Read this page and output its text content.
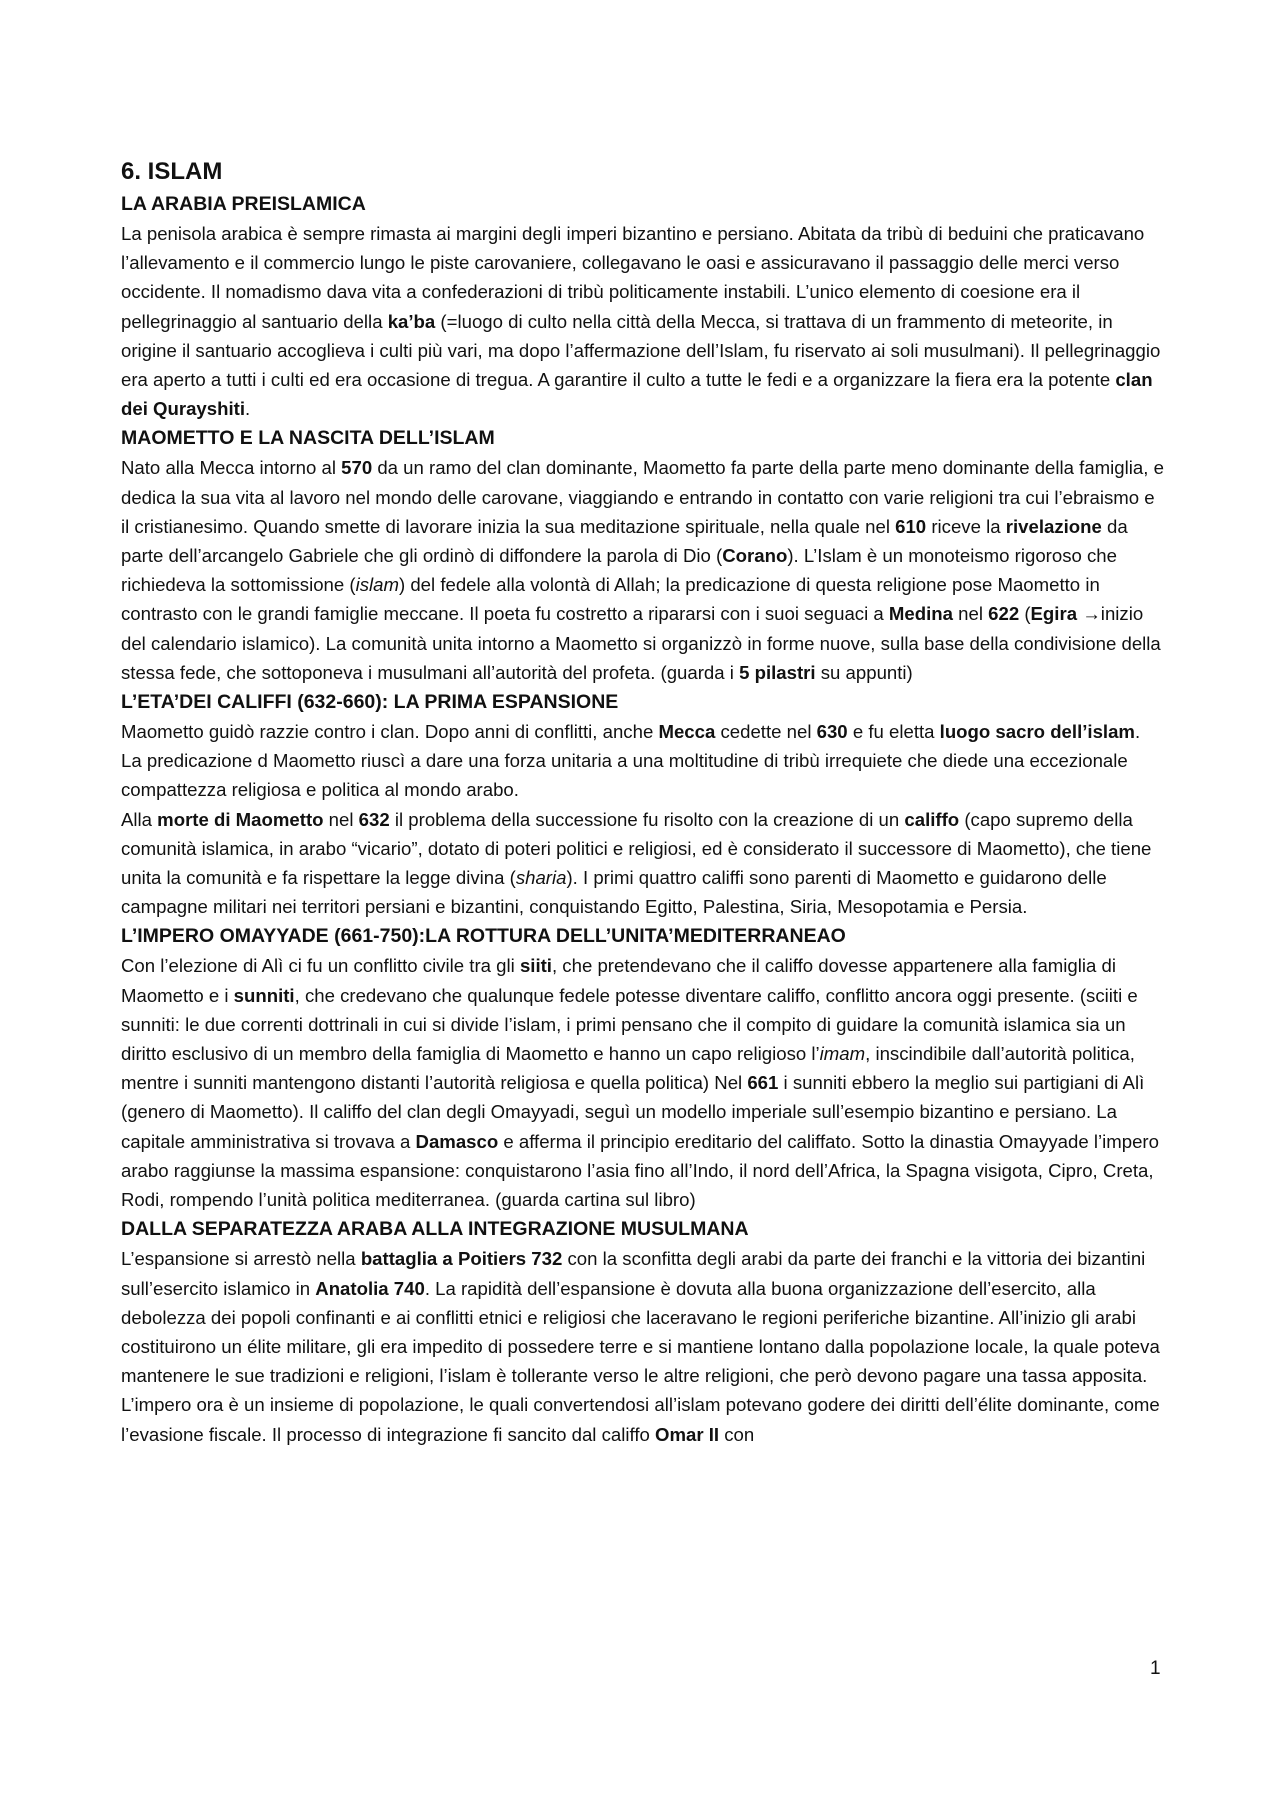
6. ISLAM
LA ARABIA PREISLAMICA

La penisola arabica è sempre rimasta ai margini degli imperi bizantino e persiano. Abitata da tribù di beduini che praticavano l’allevamento e il commercio lungo le piste carovaniere, collegavano le oasi e assicuravano il passaggio delle merci verso occidente. Il nomadismo dava vita a confederazioni di tribù politicamente instabili. L’unico elemento di coesione era il pellegrinaggio al santuario della ka’ba (=luogo di culto nella città della Mecca, si trattava di un frammento di meteorite, in origine il santuario accoglieva i culti più vari, ma dopo l’affermazione dell’Islam, fu riservato ai soli musulmani). Il pellegrinaggio era aperto a tutti i culti ed era occasione di tregua. A garantire il culto a tutte le fedi e a organizzare la fiera era la potente clan dei Qurayshiti.

MAOMETTO E LA NASCITA DELL’ISLAM

Nato alla Mecca intorno al 570 da un ramo del clan dominante, Maometto fa parte della parte meno dominante della famiglia, e dedica la sua vita al lavoro nel mondo delle carovane, viaggiando e entrando in contatto con varie religioni tra cui l’ebraismo e il cristianesimo. Quando smette di lavorare inizia la sua meditazione spirituale, nella quale nel 610 riceve la rivelazione da parte dell’arcangelo Gabriele che gli ordinò di diffondere la parola di Dio (Corano). L’Islam è un monoteismo rigoroso che richiedeva la sottomissione (islam) del fedele alla volontà di Allah; la predicazione di questa religione pose Maometto in contrasto con le grandi famiglie meccane. Il poeta fu costretto a ripararsi con i suoi seguaci a Medina nel 622 (Egira →inizio del calendario islamico). La comunità unita intorno a Maometto si organizzò in forme nuove, sulla base della condivisione della stessa fede, che sottoponeva i musulmani all’autorità del profeta. (guarda i 5 pilastri su appunti)

L’ETA’DEI CALIFFI (632-660): LA PRIMA ESPANSIONE

Maometto guidò razzie contro i clan. Dopo anni di conflitti, anche Mecca cedette nel 630 e fu eletta luogo sacro dell’islam. La predicazione d Maometto riuscì a dare una forza unitaria a una moltitudine di tribù irrequiete che diede una eccezionale compattezza religiosa e politica al mondo arabo.

Alla morte di Maometto nel 632 il problema della successione fu risolto con la creazione di un califfo (capo supremo della comunità islamica, in arabo “vicario”, dotato di poteri politici e religiosi, ed è considerato il successore di Maometto), che tiene unita la comunità e fa rispettare la legge divina (sharia). I primi quattro califfi sono parenti di Maometto e guidarono delle campagne militari nei territori persiani e bizantini, conquistando Egitto, Palestina, Siria, Mesopotamia e Persia.

L’IMPERO OMAYYADE (661-750):LA ROTTURA DELL’UNITA’MEDITERRANEAO

Con l’elezione di Alì ci fu un conflitto civile tra gli siiti, che pretendevano che il califfo dovesse appartenere alla famiglia di Maometto e i sunniti, che credevano che qualunque fedele potesse diventare califfo, conflitto ancora oggi presente. (sciiti e sunniti: le due correnti dottrinali in cui si divide l’islam, i primi pensano che il compito di guidare la comunità islamica sia un diritto esclusivo di un membro della famiglia di Maometto e hanno un capo religioso l’imam, inscindibile dall’autorità politica, mentre i sunniti mantengono distanti l’autorità religiosa e quella politica) Nel 661 i sunniti ebbero la meglio sui partigiani di Alì (genero di Maometto). Il califfo del clan degli Omayyadi, seguì un modello imperiale sull’esempio bizantino e persiano. La capitale amministrativa si trovava a Damasco e afferma il principio ereditario del califfato. Sotto la dinastia Omayyade l’impero arabo raggiunse la massima espansione: conquistarono l’asia fino all’Indo, il nord dell’Africa, la Spagna visigota, Cipro, Creta, Rodi, rompendo l’unità politica mediterranea. (guarda cartina sul libro)

DALLA SEPARATEZZA ARABA ALLA INTEGRAZIONE MUSULMANA

L’espansione si arrestò nella battaglia a Poitiers 732 con la sconfitta degli arabi da parte dei franchi e la vittoria dei bizantini sull’esercito islamico in Anatolia 740. La rapidità dell’espansione è dovuta alla buona organizzazione dell’esercito, alla debolezza dei popoli confinanti e ai conflitti etnici e religiosi che laceravano le regioni periferiche bizantine. All’inizio gli arabi costituirono un élite militare, gli era impedito di possedere terre e si mantiene lontano dalla popolazione locale, la quale poteva mantenere le sue tradizioni e religioni, l’islam è tollerante verso le altre religioni, che però devono pagare una tassa apposita. L’impero ora è un insieme di popolazione, le quali convertendosi all’islam potevano godere dei diritti dell’élite dominante, come l’evasione fiscale. Il processo di integrazione fi sancito dal califfo Omar II con

1
